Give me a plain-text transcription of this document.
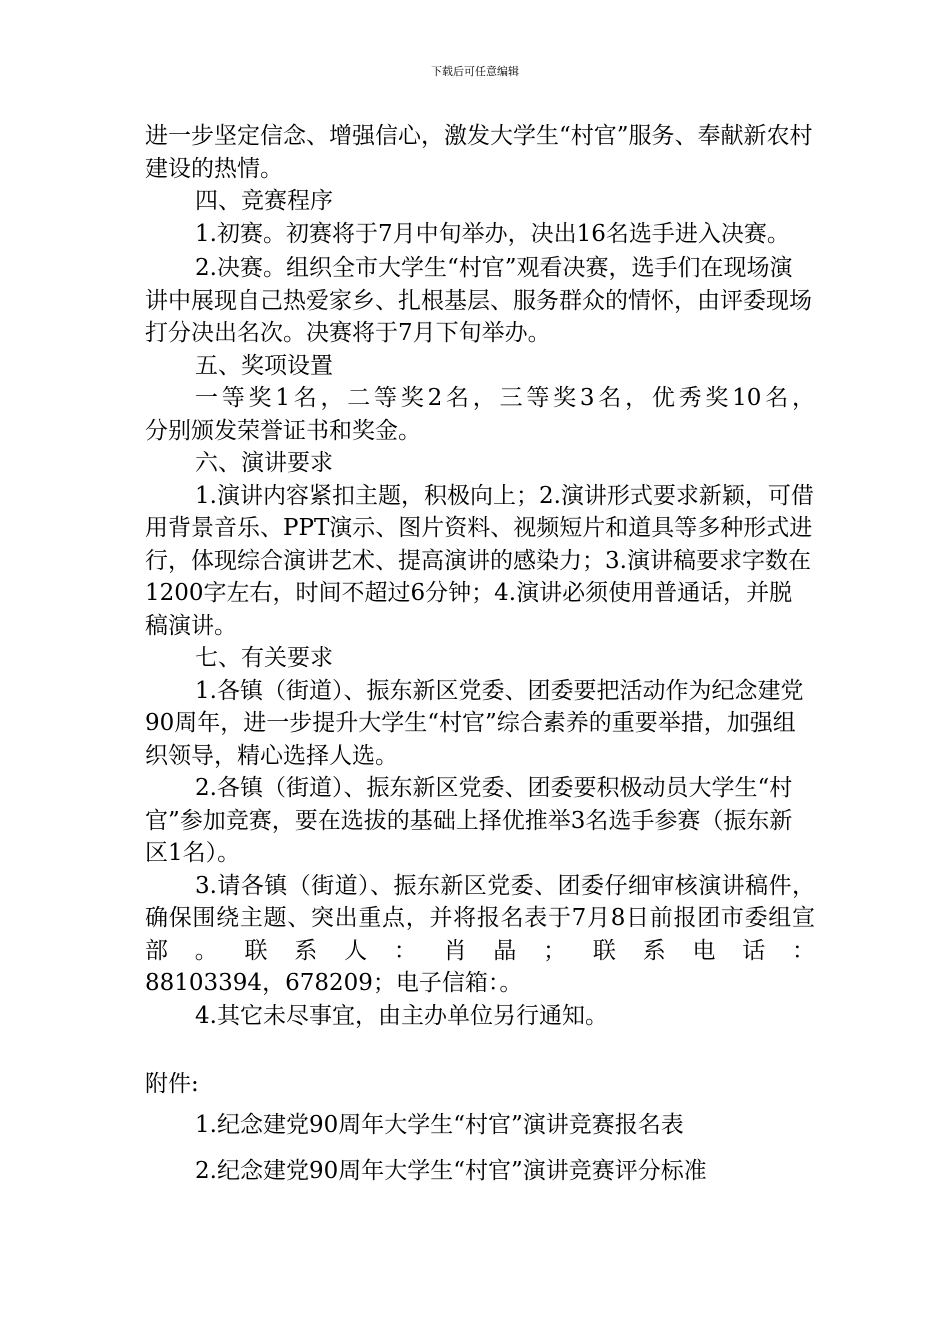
下载后可任意编辑

进一步坚定信念、增强信心，激发大学生“村官”服务、奉献新农村建设的热情。

四、竞赛程序

1.初赛。初赛将于7月中旬举办，决出16名选手进入决赛。

2.决赛。组织全市大学生“村官”观看决赛，选手们在现场演讲中展现自己热爱家乡、扎根基层、服务群众的情怀，由评委现场打分决出名次。决赛将于7月下旬举办。

五、奖项设置

一等奖1名，二等奖2名，三等奖3名，优秀奖10名，

分别颁发荣誉证书和奖金。

六、演讲要求

1.演讲内容紧扣主题，积极向上；2.演讲形式要求新颖，可借用背景音乐、PPT演示、图片资料、视频短片和道具等多种形式进行，体现综合演讲艺术、提高演讲的感染力；3.演讲稿要求字数在1200字左右，时间不超过6分钟；4.演讲必须使用普通话，并脱稿演讲。

七、有关要求

1.各镇（街道）、振东新区党委、团委要把活动作为纪念建党90周年，进一步提升大学生“村官”综合素养的重要举措，加强组织领导，精心选择人选。

2.各镇（街道）、振东新区党委、团委要积极动员大学生“村官”参加竞赛，要在选拔的基础上择优推举3名选手参赛（振东新区1名）。

3.请各镇（街道）、振东新区党委、团委仔细审核演讲稿件，确保围绕主题、突出重点，并将报名表于7月8日前报团市委组宣部。联系人：肖晶；联系电话：

88103394，678209；电子信箱：。

4.其它未尽事宜，由主办单位另行通知。

附件:

1.纪念建党90周年大学生“村官”演讲竞赛报名表

2.纪念建党90周年大学生“村官”演讲竞赛评分标准
